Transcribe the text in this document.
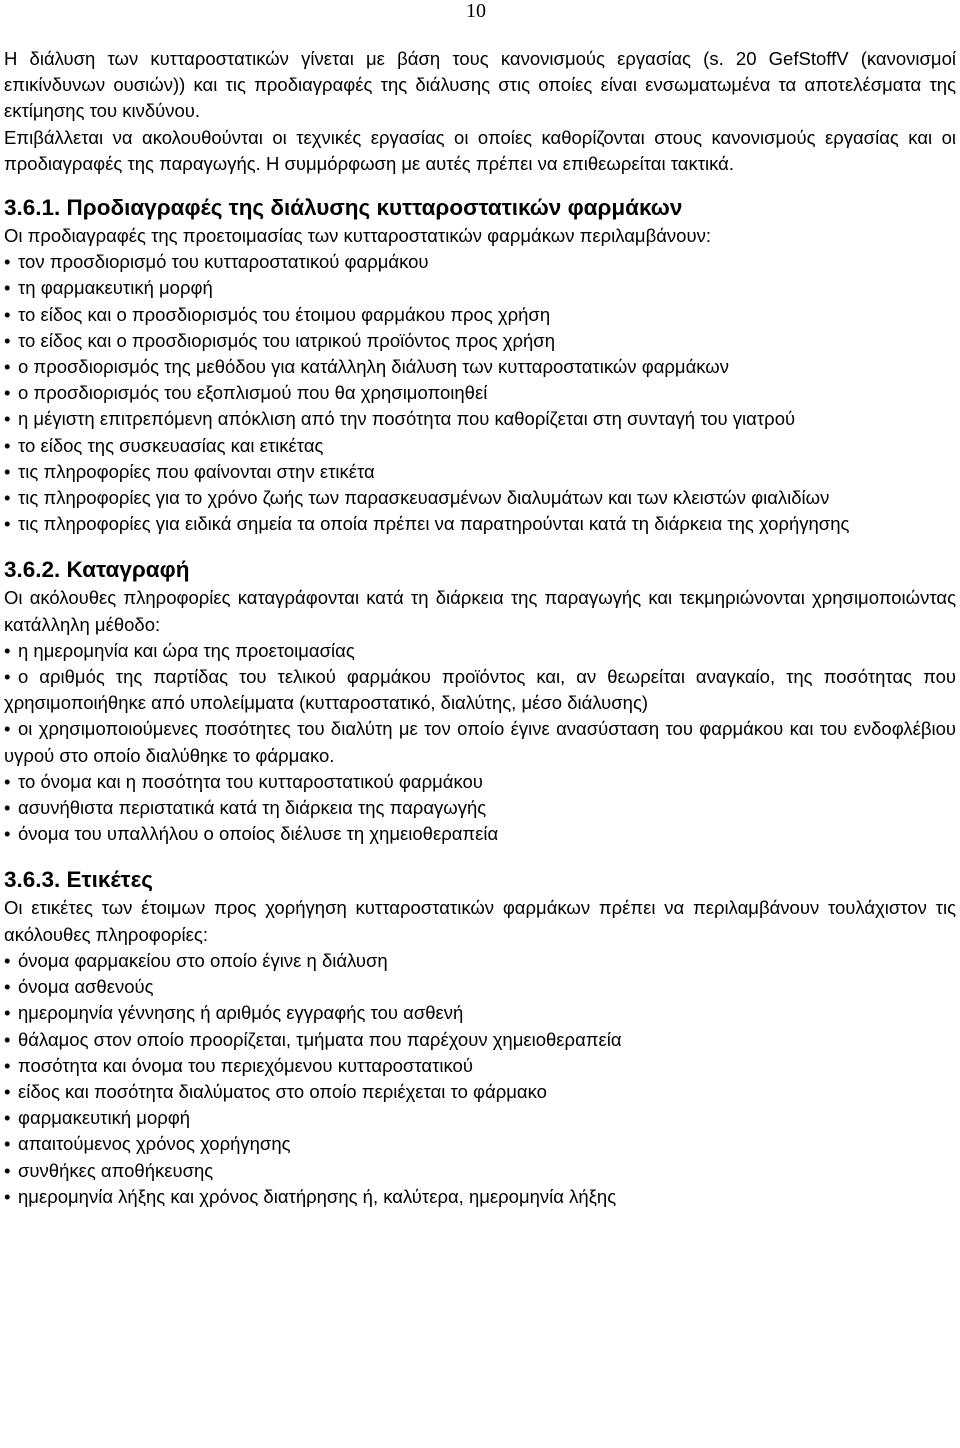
10

Η διάλυση των κυτταροστατικών γίνεται με βάση τους κανονισμούς εργασίας (s. 20 GefStoffV (κανονισμοί επικίνδυνων ουσιών)) και τις προδιαγραφές της διάλυσης στις οποίες είναι ενσωματωμένα τα αποτελέσματα της εκτίμησης του κινδύνου.

Επιβάλλεται να ακολουθούνται οι τεχνικές εργασίας οι οποίες καθορίζονται στους κανονισμούς εργασίας και οι προδιαγραφές της παραγωγής. Η συμμόρφωση με αυτές πρέπει να επιθεωρείται τακτικά.

3.6.1. Προδιαγραφές της διάλυσης κυτταροστατικών φαρμάκων

Οι προδιαγραφές της προετοιμασίας των κυτταροστατικών φαρμάκων περιλαμβάνουν:

• τον προσδιορισμό του κυτταροστατικού φαρμάκου
• τη φαρμακευτική μορφή
• το είδος και ο προσδιορισμός του έτοιμου φαρμάκου προς χρήση
• το είδος και ο προσδιορισμός του ιατρικού προϊόντος προς χρήση
• ο προσδιορισμός της μεθόδου για κατάλληλη διάλυση των κυτταροστατικών φαρμάκων
• ο προσδιορισμός του εξοπλισμού που θα χρησιμοποιηθεί
• η μέγιστη επιτρεπόμενη απόκλιση από την ποσότητα που καθορίζεται στη συνταγή του γιατρού
• το είδος της συσκευασίας και ετικέτας
• τις πληροφορίες που φαίνονται στην ετικέτα
• τις πληροφορίες για το χρόνο ζωής των παρασκευασμένων διαλυμάτων και των κλειστών φιαλιδίων
• τις πληροφορίες για ειδικά σημεία τα οποία πρέπει να παρατηρούνται κατά τη διάρκεια της χορήγησης
3.6.2. Καταγραφή

Οι ακόλουθες πληροφορίες καταγράφονται κατά τη διάρκεια της παραγωγής και τεκμηριώνονται χρησιμοποιώντας κατάλληλη μέθοδο:

• η ημερομηνία και ώρα της προετοιμασίας
• ο αριθμός της παρτίδας του τελικού φαρμάκου προϊόντος και, αν θεωρείται αναγκαίο, της ποσότητας που χρησιμοποιήθηκε από υπολείμματα (κυτταροστατικό, διαλύτης, μέσο διάλυσης)
• οι χρησιμοποιούμενες ποσότητες του διαλύτη με τον οποίο έγινε ανασύσταση του φαρμάκου και του ενδοφλέβιου υγρού στο οποίο διαλύθηκε το φάρμακο.
• το όνομα και η ποσότητα του κυτταροστατικού φαρμάκου
• ασυνήθιστα περιστατικά κατά τη διάρκεια της παραγωγής
• όνομα του υπαλλήλου ο οποίος διέλυσε τη χημειοθεραπεία
3.6.3. Ετικέτες

Οι ετικέτες των έτοιμων προς χορήγηση κυτταροστατικών φαρμάκων πρέπει να περιλαμβάνουν τουλάχιστον τις ακόλουθες πληροφορίες:

• όνομα φαρμακείου στο οποίο έγινε η διάλυση
• όνομα ασθενούς
• ημερομηνία γέννησης ή αριθμός εγγραφής του ασθενή
• θάλαμος στον οποίο προορίζεται, τμήματα που παρέχουν χημειοθεραπεία
• ποσότητα και όνομα του περιεχόμενου κυτταροστατικού
• είδος και ποσότητα διαλύματος στο οποίο περιέχεται το φάρμακο
• φαρμακευτική μορφή
• απαιτούμενος χρόνος χορήγησης
• συνθήκες αποθήκευσης
• ημερομηνία λήξης και χρόνος διατήρησης ή, καλύτερα, ημερομηνία λήξης
